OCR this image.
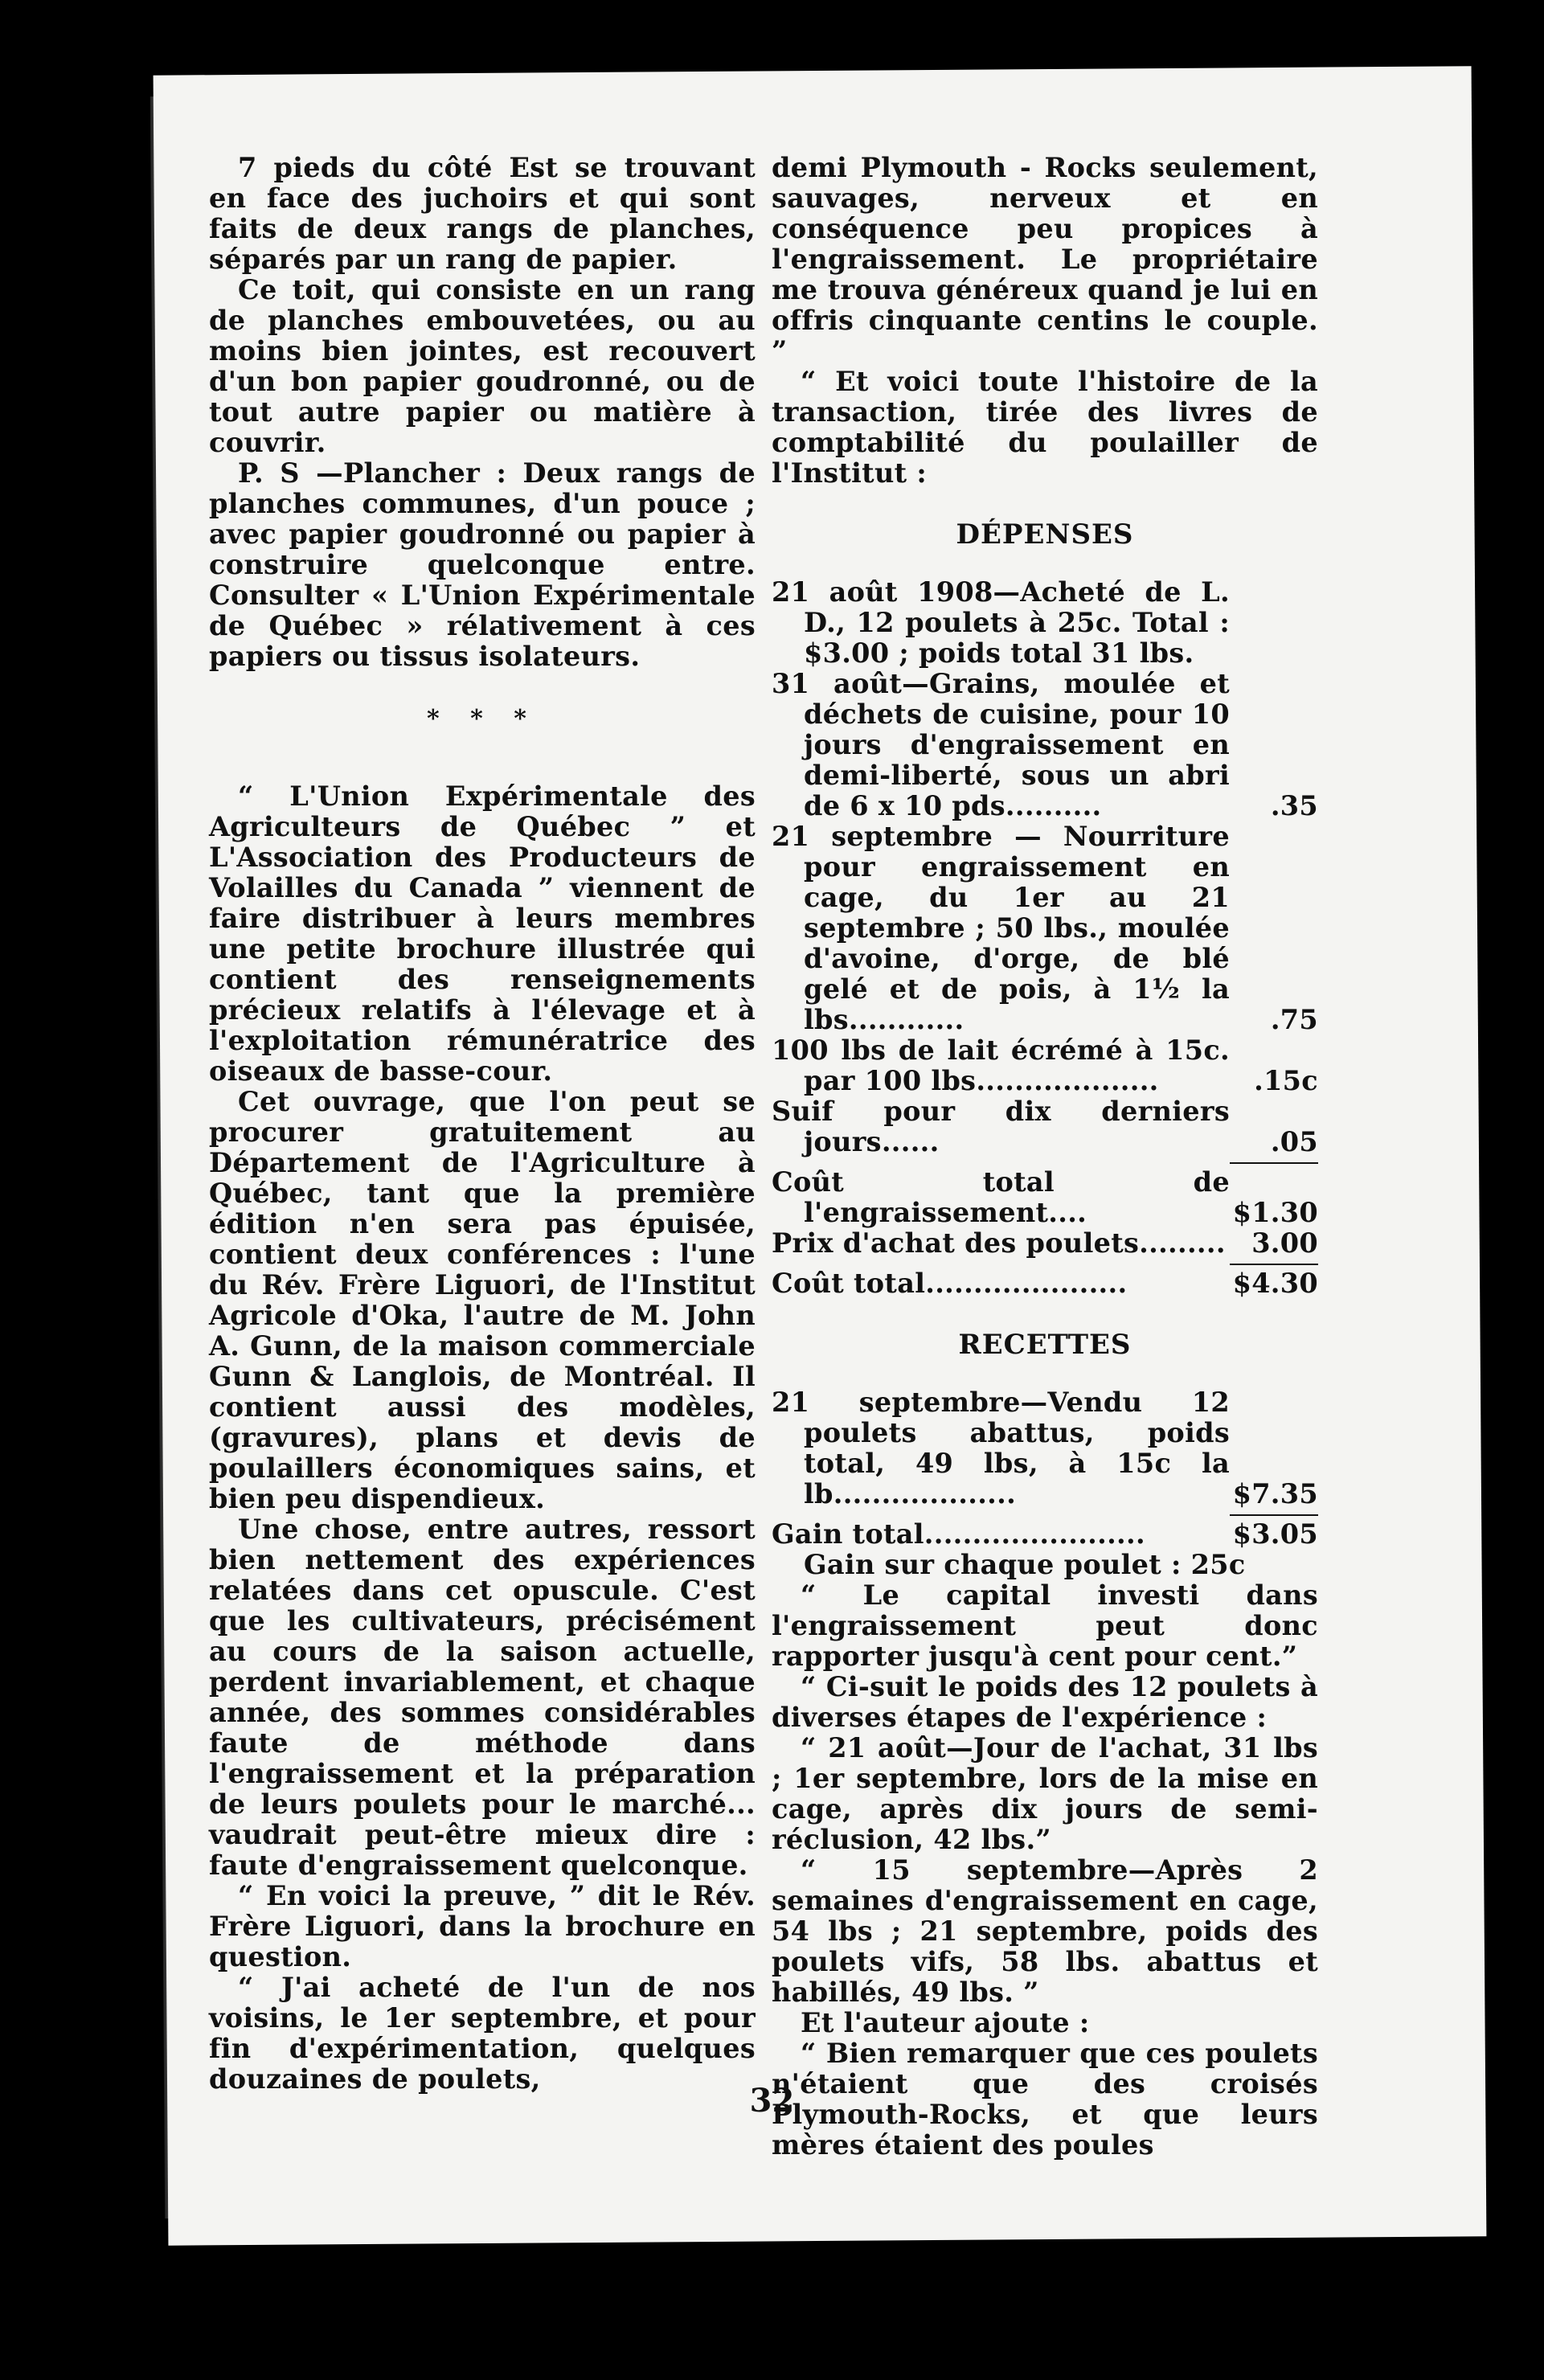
7 pieds du côté Est se trouvant en face des juchoirs et qui sont faits de deux rangs de planches, séparés par un rang de papier.

Ce toit, qui consiste en un rang de planches embouvetées, ou au moins bien jointes, est recouvert d'un bon papier goudronné, ou de tout autre papier ou matière à couvrir.

P. S —Plancher : Deux rangs de planches communes, d'un pouce ; avec papier goudronné ou papier à construire quelconque entre. Consulter « L'Union Expérimentale de Québec » rélativement à ces papiers ou tissus isolateurs.

* * *

“ L'Union Expérimentale des Agriculteurs de Québec ” et L'Association des Producteurs de Volailles du Canada ” viennent de faire distribuer à leurs membres une petite brochure illustrée qui contient des renseignements précieux relatifs à l'élevage et à l'exploitation rémunératrice des oiseaux de basse-cour.

Cet ouvrage, que l'on peut se procurer gratuitement au Département de l'Agriculture à Québec, tant que la première édition n'en sera pas épuisée, contient deux conférences : l'une du Rév. Frère Liguori, de l'Institut Agricole d'Oka, l'autre de M. John A. Gunn, de la maison commerciale Gunn & Langlois, de Montréal. Il contient aussi des modèles, (gravures), plans et devis de poulaillers économiques sains, et bien peu dispendieux.

Une chose, entre autres, ressort bien nettement des expériences relatées dans cet opuscule. C'est que les cultivateurs, précisément au cours de la saison actuelle, perdent invariablement, et chaque année, des sommes considérables faute de méthode dans l'engraissement et la préparation de leurs poulets pour le marché... vaudrait peut-être mieux dire : faute d'engraissement quelconque.

“ En voici la preuve, ” dit le Rév. Frère Liguori, dans la brochure en question.

“ J'ai acheté de l'un de nos voisins, le 1er septembre, et pour fin d'expérimentation, quelques douzaines de poulets,

demi Plymouth - Rocks seulement, sauvages, nerveux et en conséquence peu propices à l'engraissement. Le propriétaire me trouva généreux quand je lui en offris cinquante centins le couple. ”

“ Et voici toute l'histoire de la transaction, tirée des livres de comptabilité du poulailler de l'Institut :

DÉPENSES
21 août 1908—Acheté de L. D., 12 poulets à 25c. Total : $3.00 ; poids total 31 lbs.
31 août—Grains, moulée et déchets de cuisine, pour 10 jours d'engraissement en demi-liberté, sous un abri de 6 x 10 pds..........	.35
21 septembre — Nourriture pour engraissement en cage, du 1er au 21 septembre ; 50 lbs., moulée d'avoine, d'orge, de blé gelé et de pois, à 1½ la lbs............	.75
100 lbs de lait écrémé à 15c. par 100 lbs...................	.15c
Suif pour dix derniers jours......	.05
Coût total de l'engraissement....	$1.30
Prix d'achat des poulets......... 3.00
Coût total.....................	$4.30
RECETTES
21 septembre—Vendu 12 poulets abattus, poids total, 49 lbs, à 15c la lb...................	$7.35
Gain total.......................	$3.05

Gain sur chaque poulet : 25c

“ Le capital investi dans l'engraissement peut donc rapporter jusqu'à cent pour cent.”

“ Ci-suit le poids des 12 poulets à diverses étapes de l'expérience :

“ 21 août—Jour de l'achat, 31 lbs ; 1er septembre, lors de la mise en cage, après dix jours de semi-réclusion, 42 lbs.”

“ 15 septembre—Après 2 semaines d'engraissement en cage, 54 lbs ; 21 septembre, poids des poulets vifs, 58 lbs. abattus et habillés, 49 lbs. ”

Et l'auteur ajoute :

“ Bien remarquer que ces poulets n'étaient que des croisés Plymouth-Rocks, et que leurs mères étaient des poules

32
